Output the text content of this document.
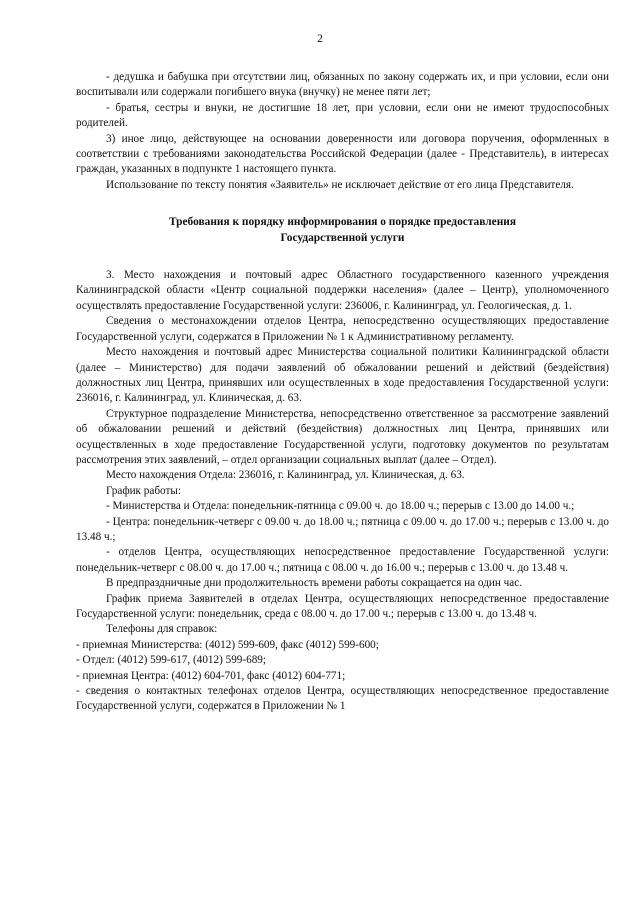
2

- дедушка и бабушка при отсутствии лиц, обязанных по закону содержать их, и при условии, если они воспитывали или содержали погибшего внука (внучку) не менее пяти лет;

- братья, сестры и внуки, не достигшие 18 лет, при условии, если они не имеют трудоспособных родителей.

3) иное лицо, действующее на основании доверенности или договора поручения, оформленных в соответствии с требованиями законодательства Российской Федерации (далее - Представитель), в интересах граждан, указанных в подпункте 1 настоящего пункта.

Использование по тексту понятия «Заявитель» не исключает действие от его лица Представителя.

Требования к порядку информирования о порядке предоставления
Государственной услуги

3. Место нахождения и почтовый адрес Областного государственного казенного учреждения Калининградской области «Центр социальной поддержки населения» (далее – Центр), уполномоченного осуществлять предоставление Государственной услуги: 236006, г. Калининград, ул. Геологическая, д. 1.

Сведения о местонахождении отделов Центра, непосредственно осуществляющих предоставление Государственной услуги, содержатся в Приложении № 1 к Административному регламенту.

Место нахождения и почтовый адрес Министерства социальной политики Калининградской области (далее – Министерство) для подачи заявлений об обжаловании решений и действий (бездействия) должностных лиц Центра, принявших или осуществленных в ходе предоставления Государственной услуги: 236016, г. Калининград, ул. Клиническая, д. 63.

Структурное подразделение Министерства, непосредственно ответственное за рассмотрение заявлений об обжаловании решений и действий (бездействия) должностных лиц Центра, принявших или осуществленных в ходе предоставление Государственной услуги, подготовку документов по результатам рассмотрения этих заявлений, – отдел организации социальных выплат (далее – Отдел).

Место нахождения Отдела: 236016, г. Калининград, ул. Клиническая, д. 63.

График работы:

- Министерства и Отдела: понедельник-пятница с 09.00 ч. до 18.00 ч.; перерыв с 13.00 до 14.00 ч.;

- Центра: понедельник-четверг с 09.00 ч. до 18.00 ч.; пятница с 09.00 ч. до 17.00 ч.; перерыв с 13.00 ч. до 13.48 ч.;

- отделов Центра, осуществляющих непосредственное предоставление Государственной услуги: понедельник-четверг с 08.00 ч. до 17.00 ч.; пятница с 08.00 ч. до 16.00 ч.; перерыв с 13.00 ч. до 13.48 ч.

В предпраздничные дни продолжительность времени работы сокращается на один час.

График приема Заявителей в отделах Центра, осуществляющих непосредственное предоставление Государственной услуги: понедельник, среда с 08.00 ч. до 17.00 ч.; перерыв с 13.00 ч. до 13.48 ч.

Телефоны для справок:

- приемная Министерства: (4012) 599-609, факс (4012) 599-600;

- Отдел: (4012) 599-617, (4012) 599-689;

- приемная Центра: (4012) 604-701, факс (4012) 604-771;

- сведения о контактных телефонах отделов Центра, осуществляющих непосредственное предоставление Государственной услуги, содержатся в Приложении № 1
